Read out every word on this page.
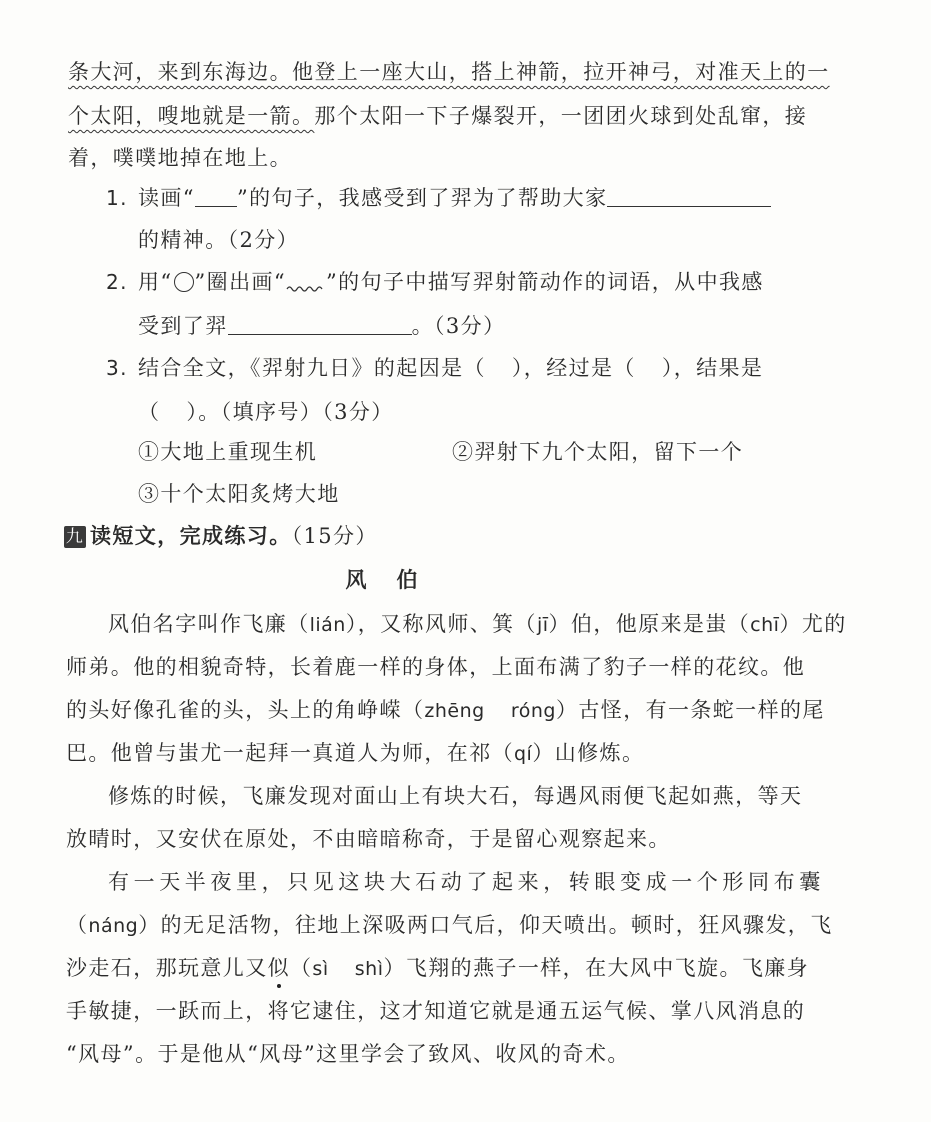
条大河，来到东海边。他登上一座大山，搭上神箭，拉开神弓，对准天上的一
个太阳，嗖地就是一箭。那个太阳一下子爆裂开，一团团火球到处乱窜，接
着，噗噗地掉在地上。
1. 读画“ ”的句子，我感受到了羿为了帮助大家
的精神。（2分）
2. 用“ ”圈出画“ ”的句子中描写羿射箭动作的词语，从中我感
受到了羿	。（3分）
3. 结合全文，《羿射九日》的起因是（ ），经过是（ ），结果是
（ ）。（填序号）（3分）
①大地上重现生机	②羿射下九个太阳，留下一个
③十个太阳炙烤大地
九 读短文，完成练习。（15分）
风伯
风伯名字叫作飞廉（lián），又称风师、箕（jī）伯，他原来是蚩（chī）尤的
师弟。他的相貌奇特，长着鹿一样的身体，上面布满了豹子一样的花纹。他
的头好像孔雀的头，头上的角峥嵘（zhēng    róng）古怪，有一条蛇一样的尾
巴。他曾与蚩尤一起拜一真道人为师，在祁（qí）山修炼。
修炼的时候，飞廉发现对面山上有块大石，每遇风雨便飞起如燕，等天
放晴时，又安伏在原处，不由暗暗称奇，于是留心观察起来。
有一天半夜里，只见这块大石动了起来，转眼变成一个形同布囊
（náng）的无足活物，往地上深吸两口气后，仰天喷出。顿时，狂风骤发，飞
沙走石，那玩意儿又似（sì    shì）飞翔的燕子一样，在大风中飞旋。飞廉身
手敏捷，一跃而上，将它逮住，这才知道它就是通五运气候、掌八风消息的
“风母”。于是他从“风母”这里学会了致风、收风的奇术。
